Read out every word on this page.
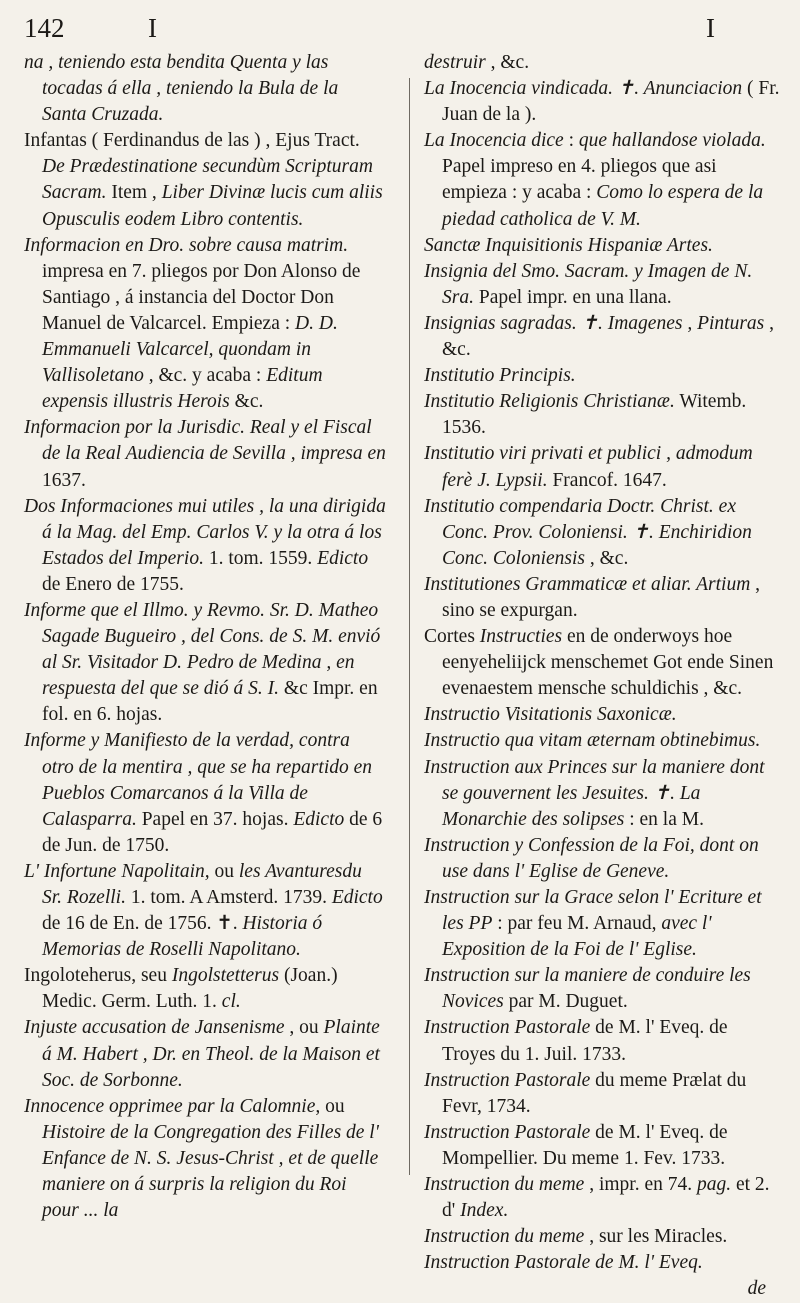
142	I	I

na , teniendo esta bendita Quenta y las tocadas á ella , teniendo la Bula de la Santa Cruzada.

Infantas ( Ferdinandus de las ) , Ejus Tract. De Prædestinatione secundùm Scripturam Sacram. Item , Liber Divinæ lucis cum aliis Opusculis eodem Libro contentis.

Informacion en Dro. sobre causa matrim. impresa en 7. pliegos por Don Alonso de Santiago , á instancia del Doctor Don Manuel de Valcarcel. Empieza : D. D. Emmanueli Valcarcel, quondam in Vallisoletano , &c. y acaba : Editum expensis illustris Herois &c.

Informacion por la Jurisdic. Real y el Fiscal de la Real Audiencia de Sevilla , impresa en 1637.

Dos Informaciones mui utiles , la una dirigida á la Mag. del Emp. Carlos V. y la otra á los Estados del Imperio. 1. tom. 1559. Edicto de Enero de 1755.

Informe que el Illmo. y Revmo. Sr. D. Matheo Sagade Bugueiro , del Cons. de S. M. envió al Sr. Visitador D. Pedro de Medina , en respuesta del que se dió á S. I. &c Impr. en fol. en 6. hojas.

Informe y Manifiesto de la verdad, contra otro de la mentira , que se ha repartido en Pueblos Comarcanos á la Villa de Calasparra. Papel en 37. hojas. Edicto de 6 de Jun. de 1750.

L' Infortune Napolitain, ou les Avanturesdu Sr. Rozelli. 1. tom. A Amsterd. 1739. Edicto de 16 de En. de 1756. ✝. Historia ó Memorias de Roselli Napolitano.

Ingoloteherus, seu Ingolstetterus (Joan.) Medic. Germ. Luth. 1. cl.

Injuste accusation de Jansenisme , ou Plainte á M. Habert , Dr. en Theol. de la Maison et Soc. de Sorbonne.

Innocence opprimee par la Calomnie, ou Histoire de la Congregation des Filles de l' Enfance de N. S. Jesus-Christ , et de quelle maniere on á surpris la religion du Roi pour ... la

destruir , &c.

La Inocencia vindicada. ✝. Anunciacion ( Fr. Juan de la ).

La Inocencia dice : que hallandose violada. Papel impreso en 4. pliegos que asi empieza : y acaba : Como lo espera de la piedad catholica de V. M.

Sanctæ Inquisitionis Hispaniæ Artes.

Insignia del Smo. Sacram. y Imagen de N. Sra. Papel impr. en una llana.

Insignias sagradas. ✝. Imagenes , Pinturas , &c.

Institutio Principis.

Institutio Religionis Christianæ. Witemb. 1536.

Institutio viri privati et publici , admodum ferè J. Lypsii. Francof. 1647.

Institutio compendaria Doctr. Christ. ex Conc. Prov. Coloniensi. ✝. Enchiridion Conc. Coloniensis , &c.

Institutiones Grammaticæ et aliar. Artium , sino se expurgan.

Cortes Instructies en de onderwoys hoe eenyeheliĳck menschemet Got ende Sinen evenaestem mensche schuldichis , &c.

Instructio Visitationis Saxonicæ.

Instructio qua vitam æternam obtinebimus.

Instruction aux Princes sur la maniere dont se gouvernent les Jesuites. ✝. La Monarchie des solipses : en la M.

Instruction y Confession de la Foi, dont on use dans l' Eglise de Geneve.

Instruction sur la Grace selon l' Ecriture et les PP : par feu M. Arnaud, avec l' Exposition de la Foi de l' Eglise.

Instruction sur la maniere de conduire les Novices par M. Duguet.

Instruction Pastorale de M. l' Eveq. de Troyes du 1. Juil. 1733.

Instruction Pastorale du meme Prælat du Fevr, 1734.

Instruction Pastorale de M. l' Eveq. de Mompellier. Du meme 1. Fev. 1733.

Instruction du meme , impr. en 74. pag. et 2. d' Index.

Instruction du meme , sur les Miracles.

Instruction Pastorale de M. l' Eveq.

de
